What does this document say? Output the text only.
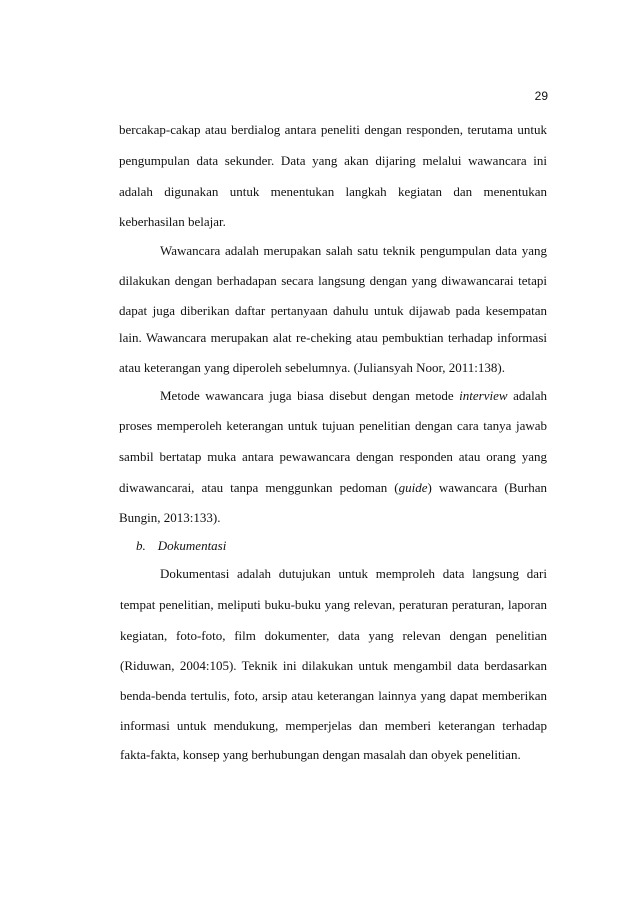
29

bercakap-cakap atau berdialog antara peneliti dengan responden, terutama untuk

pengumpulan data sekunder. Data yang akan dijaring melalui wawancara ini

adalah digunakan untuk menentukan langkah kegiatan dan menentukan

keberhasilan belajar.

Wawancara adalah merupakan salah satu teknik pengumpulan data yang

dilakukan dengan berhadapan secara langsung dengan yang diwawancarai tetapi

dapat juga diberikan daftar pertanyaan dahulu untuk dijawab pada kesempatan

lain. Wawancara merupakan alat re-cheking atau pembuktian terhadap informasi

atau keterangan yang diperoleh sebelumnya. (Juliansyah Noor, 2011:138).

Metode wawancara juga biasa disebut dengan metode interview adalah

proses memperoleh keterangan untuk tujuan penelitian dengan cara tanya jawab

sambil bertatap muka antara pewawancara dengan responden atau orang yang

diwawancarai, atau tanpa menggunkan pedoman (guide) wawancara (Burhan

Bungin, 2013:133).

b. Dokumentasi

Dokumentasi adalah dutujukan untuk memproleh data langsung dari

tempat penelitian, meliputi buku-buku yang relevan, peraturan peraturan, laporan

kegiatan, foto-foto, film dokumenter, data yang relevan dengan penelitian

(Riduwan, 2004:105). Teknik ini dilakukan untuk mengambil data berdasarkan

benda-benda tertulis, foto, arsip atau keterangan lainnya yang dapat memberikan

informasi untuk mendukung, memperjelas dan memberi keterangan terhadap

fakta-fakta, konsep yang berhubungan dengan masalah dan obyek penelitian.
